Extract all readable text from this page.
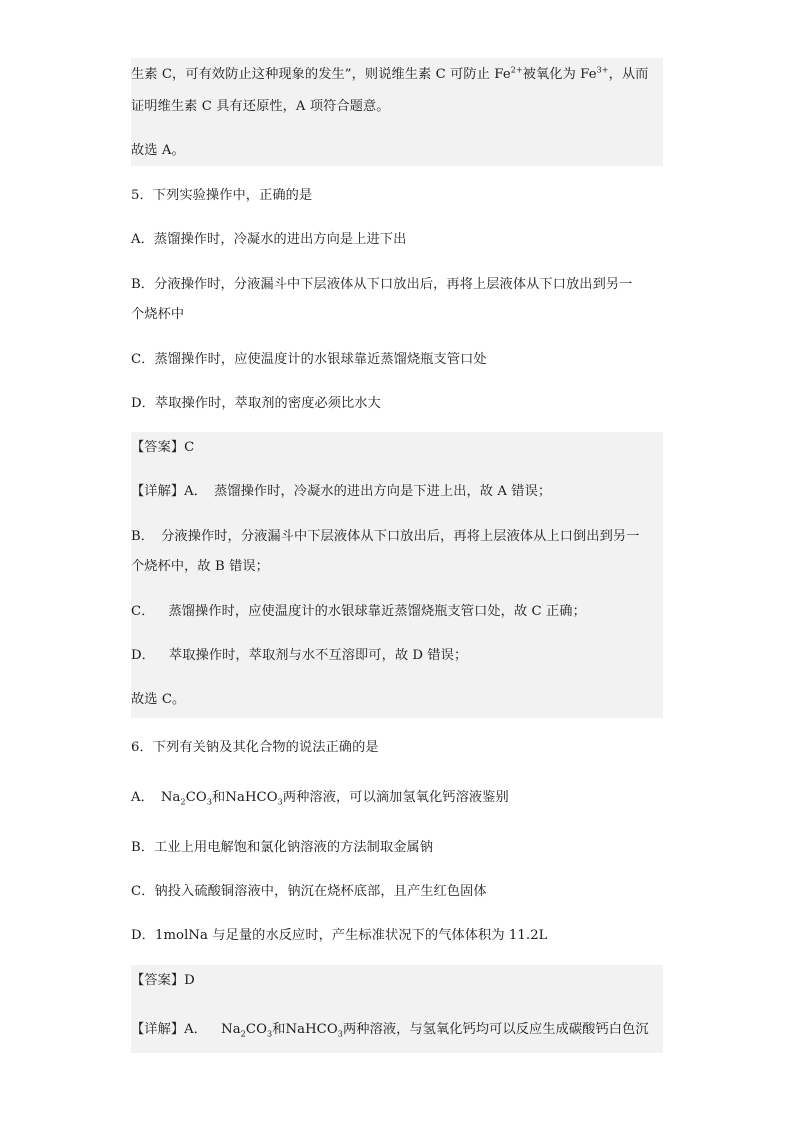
生素 C，可有效防止这种现象的发生”，则说维生素 C 可防止 $Fe^{2+}$被氧化为 $Fe^{3+}$，从而
证明维生素 C 具有还原性，A 项符合题意。
故选 A。
5．下列实验操作中，正确的是
A．蒸馏操作时，冷凝水的进出方向是上进下出
B．分液操作时，分液漏斗中下层液体从下口放出后，再将上层液体从下口放出到另一
个烧杯中
C．蒸馏操作时，应使温度计的水银球靠近蒸馏烧瓶支管口处
D．萃取操作时，萃取剂的密度必须比水大
【答案】C
【详解】A． 蒸馏操作时，冷凝水的进出方向是下进上出，故 A 错误；
B． 分液操作时，分液漏斗中下层液体从下口放出后，再将上层液体从上口倒出到另一
个烧杯中，故 B 错误；
C． 蒸馏操作时，应使温度计的水银球靠近蒸馏烧瓶支管口处，故 C 正确；
D． 萃取操作时，萃取剂与水不互溶即可，故 D 错误；
故选 C。
6．下列有关钠及其化合物的说法正确的是
A． $Na_2CO_3$和NaHCO$_3$两种溶液，可以滴加氢氧化钙溶液鉴别
B．工业上用电解饱和氯化钠溶液的方法制取金属钠
C．钠投入硫酸铜溶液中，钠沉在烧杯底部，且产生红色固体
D．1molNa 与足量的水反应时，产生标准状况下的气体体积为 11.2L
【答案】D
【详解】A． $Na_2CO_3$和NaHCO$_3$两种溶液，与氢氧化钙均可以反应生成碳酸钙白色沉
